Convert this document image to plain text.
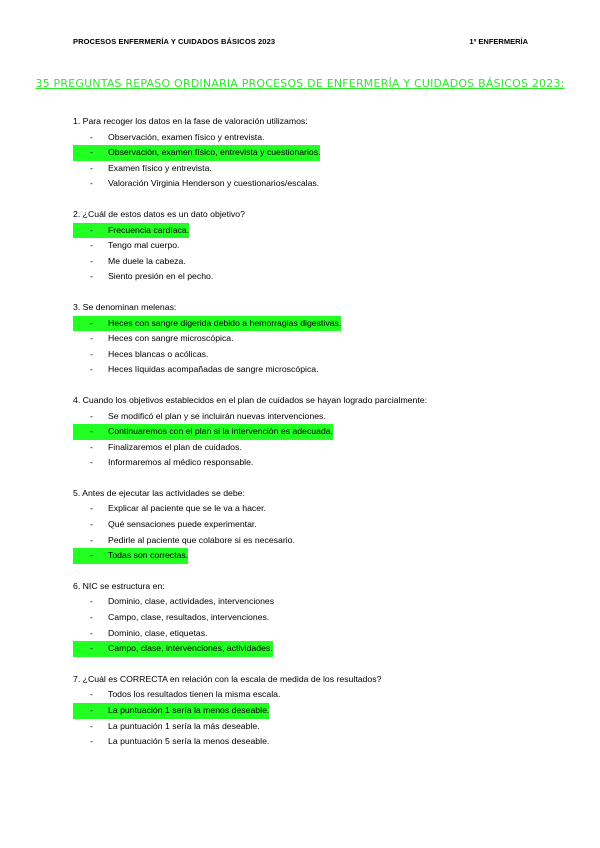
PROCESOS ENFERMERÍA Y CUIDADOS BÁSICOS 2023	1º ENFERMERÍA
35 PREGUNTAS REPASO ORDINARIA PROCESOS DE ENFERMERÍA Y CUIDADOS BÁSICOS 2023:
1. Para recoger los datos en la fase de valoración utilizamos:
-	Observación, examen físico y entrevista.
-	Observación, examen físico, entrevista y cuestionarios.
-	Examen físico y entrevista.
-	Valoración Virginia Henderson y cuestionarios/escalas.
2. ¿Cuál de estos datos es un dato objetivo?
-	Frecuencia cardíaca.
-	Tengo mal cuerpo.
-	Me duele la cabeza.
-	Siento presión en el pecho.
3. Se denominan melenas:
-	Heces con sangre digerida debido a hemorragias digestivas.
-	Heces con sangre microscópica.
-	Heces blancas o acólicas.
-	Heces líquidas acompañadas de sangre microscópica.
4. Cuando los objetivos establecidos en el plan de cuidados se hayan logrado parcialmente:
-	Se modificó el plan y se incluirán nuevas intervenciones.
-	Continuaremos con el plan si la intervención es adecuada.
-	Finalizaremos el plan de cuidados.
-	Informaremos al médico responsable.
5. Antes de ejecutar las actividades se debe:
-	Explicar al paciente que se le va a hacer.
-	Qué sensaciones puede experimentar.
-	Pedirle al paciente que colabore si es necesario.
-	Todas son correctas.
6. NIC se estructura en:
-	Dominio, clase, actividades, intervenciones
-	Campo, clase, resultados, intervenciones.
-	Dominio, clase, etiquetas.
-	Campo, clase, intervenciones, actividades.
7. ¿Cuál es CORRECTA en relación con la escala de medida de los resultados?
-	Todos los resultados tienen la misma escala.
-	La puntuación 1 sería la menos deseable.
-	La puntuación 1 sería la más deseable.
-	La puntuación 5 sería la menos deseable.
